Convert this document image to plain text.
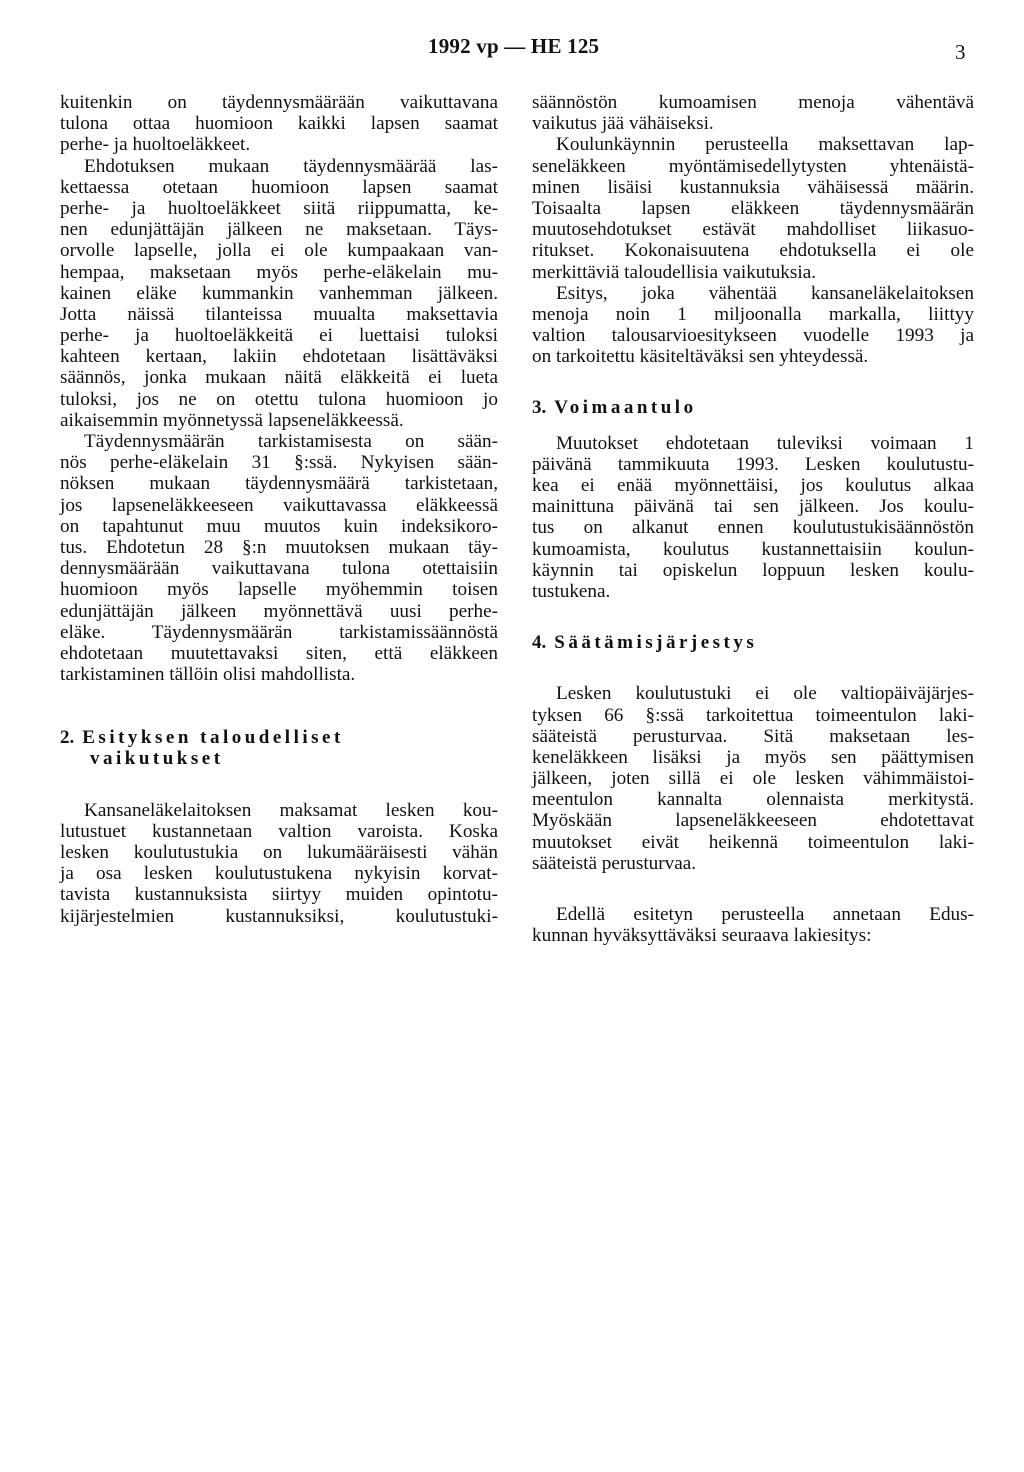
1992 vp — HE 125	3
kuitenkin on täydennysmäärään vaikuttavana
tulona ottaa huomioon kaikki lapsen saamat
perhe- ja huoltoeläkkeet.
Ehdotuksen mukaan täydennysmäärää las-
kettaessa otetaan huomioon lapsen saamat
perhe- ja huoltoeläkkeet siitä riippumatta, ke-
nen edunjättäjän jälkeen ne maksetaan. Täys-
orvolle lapselle, jolla ei ole kumpaakaan van-
hempaa, maksetaan myös perhe-eläkelain mu-
kainen eläke kummankin vanhemman jälkeen.
Jotta näissä tilanteissa muualta maksettavia
perhe- ja huoltoeläkkeitä ei luettaisi tuloksi
kahteen kertaan, lakiin ehdotetaan lisättäväksi
säännös, jonka mukaan näitä eläkkeitä ei lueta
tuloksi, jos ne on otettu tulona huomioon jo
aikaisemmin myönnetyssä lapseneläkkeessä.
Täydennysmäärän tarkistamisesta on sään-
nös perhe-eläkelain 31 §:ssä. Nykyisen sään-
nöksen mukaan täydennysmäärä tarkistetaan,
jos lapseneläkkeeseen vaikuttavassa eläkkeessä
on tapahtunut muu muutos kuin indeksikoro-
tus. Ehdotetun 28 §:n muutoksen mukaan täy-
dennysmäärään vaikuttavana tulona otettaisiin
huomioon myös lapselle myöhemmin toisen
edunjättäjän jälkeen myönnettävä uusi perhe-
eläke. Täydennysmäärän tarkistamissäännöstä
ehdotetaan muutettavaksi siten, että eläkkeen
tarkistaminen tällöin olisi mahdollista.
2. Esityksen taloudelliset
vaikutukset
Kansaneläkelaitoksen maksamat lesken kou-
lutustuet kustannetaan valtion varoista. Koska
lesken koulutustukia on lukumääräisesti vähän
ja osa lesken koulutustukena nykyisin korvat-
tavista kustannuksista siirtyy muiden opintotu-
kijärjestelmien kustannuksiksi, koulutustuki-
säännöstön kumoamisen menoja vähentävä
vaikutus jää vähäiseksi.
Koulunkäynnin perusteella maksettavan lap-
seneläkkeen myöntämisedellytysten yhtenäistä-
minen lisäisi kustannuksia vähäisessä määrin.
Toisaalta lapsen eläkkeen täydennysmäärän
muutosehdotukset estävät mahdolliset liikasuo-
ritukset. Kokonaisuutena ehdotuksella ei ole
merkittäviä taloudellisia vaikutuksia.
Esitys, joka vähentää kansaneläkelaitoksen
menoja noin 1 miljoonalla markalla, liittyy
valtion talousarvioesitykseen vuodelle 1993 ja
on tarkoitettu käsiteltäväksi sen yhteydessä.
3. Voimaantulo
Muutokset ehdotetaan tuleviksi voimaan 1
päivänä tammikuuta 1993. Lesken koulutustu-
kea ei enää myönnettäisi, jos koulutus alkaa
mainittuna päivänä tai sen jälkeen. Jos koulu-
tus on alkanut ennen koulutustukisäännöstön
kumoamista, koulutus kustannettaisiin koulun-
käynnin tai opiskelun loppuun lesken koulu-
tustukena.
4. Säätämisjärjestys
Lesken koulutustuki ei ole valtiopäiväjärjes-
tyksen 66 §:ssä tarkoitettua toimeentulon laki-
sääteistä perusturvaa. Sitä maksetaan les-
keneläkkeen lisäksi ja myös sen päättymisen
jälkeen, joten sillä ei ole lesken vähimmäistoi-
meentulon kannalta olennaista merkitystä.
Myöskään lapseneläkkeeseen ehdotettavat
muutokset eivät heikennä toimeentulon laki-
sääteistä perusturvaa.
Edellä esitetyn perusteella annetaan Edus-
kunnan hyväksyttäväksi seuraava lakiesitys:
